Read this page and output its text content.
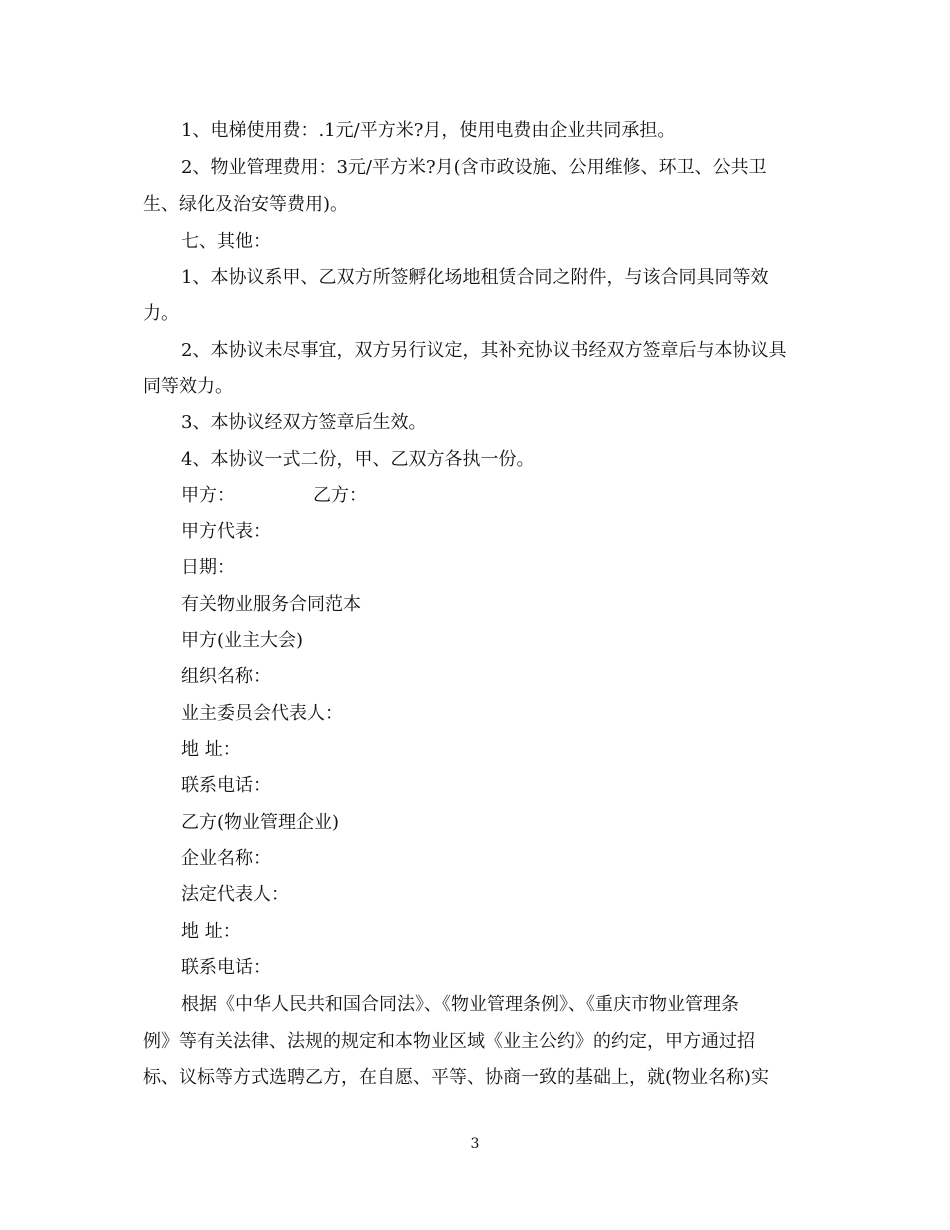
1、电梯使用费：.1元/平方米?月，使用电费由企业共同承担。
2、物业管理费用：3元/平方米?月(含市政设施、公用维修、环卫、公共卫
生、绿化及治安等费用)。
七、其他：
1、本协议系甲、乙双方所签孵化场地租赁合同之附件，与该合同具同等效
力。
2、本协议未尽事宜，双方另行议定，其补充协议书经双方签章后与本协议具
同等效力。
3、本协议经双方签章后生效。
4、本协议一式二份，甲、乙双方各执一份。
甲方：	乙方：
甲方代表：
日期：
有关物业服务合同范本
甲方(业主大会)
组织名称：
业主委员会代表人：
地 址：
联系电话：
乙方(物业管理企业)
企业名称：
法定代表人：
地 址：
联系电话：
根据《中华人民共和国合同法》、《物业管理条例》、《重庆市物业管理条
例》等有关法律、法规的规定和本物业区域《业主公约》的约定，甲方通过招
标、议标等方式选聘乙方，在自愿、平等、协商一致的基础上，就(物业名称)实
3
